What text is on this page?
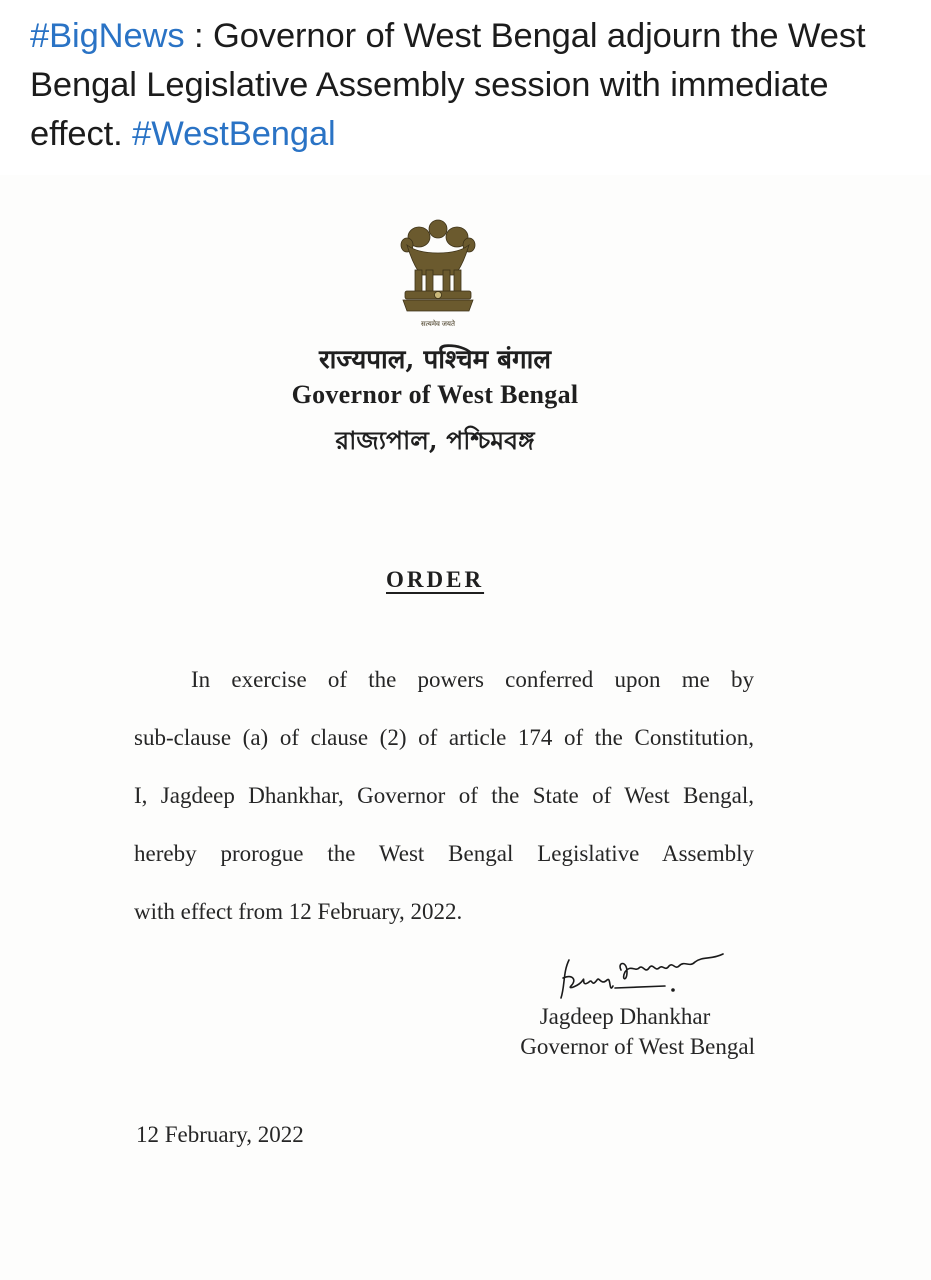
#BigNews : Governor of West Bengal adjourn the West Bengal Legislative Assembly session with immediate effect. #WestBengal
सत्यमेव जयते
राज्यपाल, पश्चिम बंगाल
Governor of West Bengal
রাজ্যপাল, পশ্চিমবঙ্গ
ORDER
In exercise of the powers conferred upon me by
sub-clause (a) of clause (2) of article 174 of the Constitution,
I, Jagdeep Dhankhar, Governor of the State of West Bengal,
hereby prorogue the West Bengal Legislative Assembly
with effect from 12 February, 2022.
Jagdeep Dhankhar
Governor of West Bengal
12 February, 2022
